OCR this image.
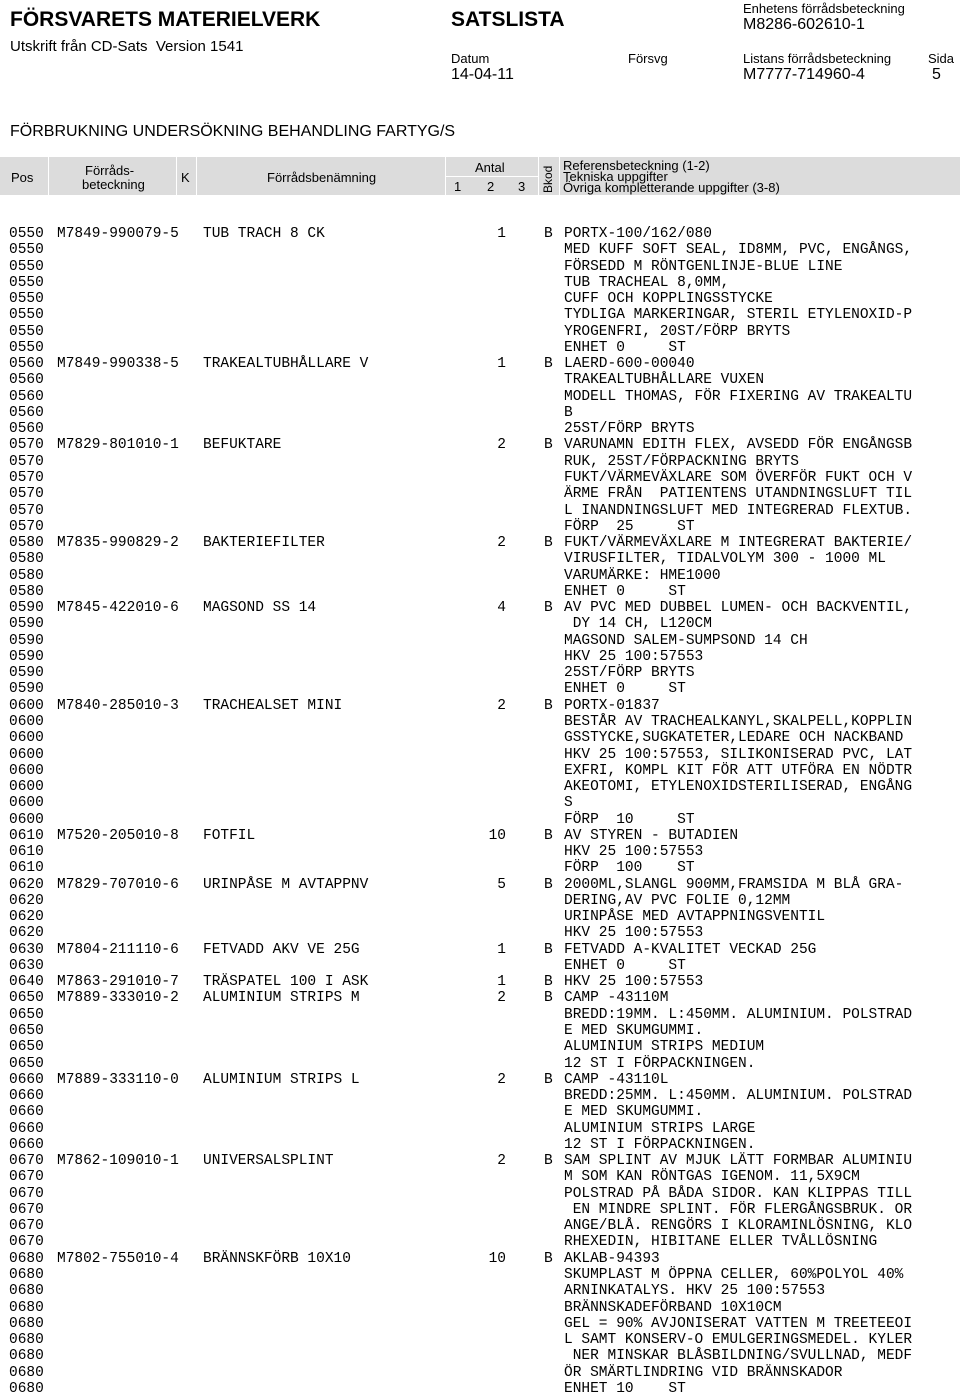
FÖRSVARETS MATERIELVERK
Utskrift från CD-Sats  Version 1541
SATSLISTA	Enhetens förrådsbeteckning
M8286-602610-1
Datum
14-04-11
Försvg	Listans förrådsbeteckning
M7777-714960-4
Sida
5
FÖRBRUKNING UNDERSÖKNING BEHANDLING FARTYG/S
Pos	Förråds-
beteckning	K	Förrådsbenämning
Antal
1 2 3 Bkod
Referensbeteckning (1-2)
Tekniska uppgifter
Övriga kompletterande uppgifter (3-8)
0550 M7849-990079-5 TUB TRACH 8 CK	1	B PORTX-100/162/080
0550	MED KUFF SOFT SEAL, ID8MM, PVC, ENGÅNGS,
0550	FÖRSEDD M RÖNTGENLINJE-BLUE LINE
0550	TUB TRACHEAL 8,0MM,
0550	CUFF OCH KOPPLINGSSTYCKE
0550	TYDLIGA MARKERINGAR, STERIL ETYLENOXID-P
0550	YROGENFRI, 20ST/FÖRP BRYTS
0550	ENHET 0     ST
0560 M7849-990338-5 TRAKEALTUBHÅLLARE V	1	B LAERD-600-00040
0560	TRAKEALTUBHÅLLARE VUXEN
0560	MODELL THOMAS, FÖR FIXERING AV TRAKEALTU
0560	B
0560	25ST/FÖRP BRYTS
0570 M7829-801010-1 BEFUKTARE	2	B VARUNAMN EDITH FLEX, AVSEDD FÖR ENGÅNGSB
0570	RUK, 25ST/FÖRPACKNING BRYTS
0570	FUKT/VÄRMEVÄXLARE SOM ÖVERFÖR FUKT OCH V
0570	ÄRME FRÅN  PATIENTENS UTANDNINGSLUFT TIL
0570	L INANDNINGSLUFT MED INTEGRERAD FLEXTUB.
0570	FÖRP  25     ST
0580 M7835-990829-2 BAKTERIEFILTER	2	B FUKT/VÄRMEVÄXLARE M INTEGRERAT BAKTERIE/
0580	VIRUSFILTER, TIDALVOLYM 300 - 1000 ML
0580	VARUMÄRKE: HME1000
0580	ENHET 0     ST
0590 M7845-422010-6 MAGSOND SS 14	4	B AV PVC MED DUBBEL LUMEN- OCH BACKVENTIL,
0590	DY 14 CH, L120CM
0590	MAGSOND SALEM-SUMPSOND 14 CH
0590	HKV 25 100:57553
0590	25ST/FÖRP BRYTS
0590	ENHET 0     ST
0600 M7840-285010-3 TRACHEALSET MINI	2	B PORTX-01837
0600	BESTÅR AV TRACHEALKANYL,SKALPELL,KOPPLIN
0600	GSSTYCKE,SUGKATETER,LEDARE OCH NACKBAND
0600	HKV 25 100:57553, SILIKONISERAD PVC, LAT
0600	EXFRI, KOMPL KIT FÖR ATT UTFÖRA EN NÖDTR
0600	AKEOTOMI, ETYLENOXIDSTERILISERAD, ENGÅNG
0600	S
0600	FÖRP  10     ST
0610 M7520-205010-8 FOTFIL	10	B AV STYREN - BUTADIEN
0610	HKV 25 100:57553
0610	FÖRP  100    ST
0620 M7829-707010-6 URINPÅSE M AVTAPPNV	5	B 2000ML,SLANGL 900MM,FRAMSIDA M BLÅ GRA-
0620	DERING,AV PVC FOLIE 0,12MM
0620	URINPÅSE MED AVTAPPNINGSVENTIL
0620	HKV 25 100:57553
0630 M7804-211110-6 FETVADD AKV VE 25G	1	B FETVADD A-KVALITET VECKAD 25G
0630	ENHET 0     ST
0640 M7863-291010-7 TRÄSPATEL 100 I ASK	1	B HKV 25 100:57553
0650 M7889-333010-2 ALUMINIUM STRIPS M	2	B CAMP -43110M
0650	BREDD:19MM. L:450MM. ALUMINIUM. POLSTRAD
0650	E MED SKUMGUMMI.
0650	ALUMINIUM STRIPS MEDIUM
0650	12 ST I FÖRPACKNINGEN.
0660 M7889-333110-0 ALUMINIUM STRIPS L	2	B CAMP -43110L
0660	BREDD:25MM. L:450MM. ALUMINIUM. POLSTRAD
0660	E MED SKUMGUMMI.
0660	ALUMINIUM STRIPS LARGE
0660	12 ST I FÖRPACKNINGEN.
0670 M7862-109010-1 UNIVERSALSPLINT	2	B SAM SPLINT AV MJUK LÄTT FORMBAR ALUMINIU
0670	M SOM KAN RÖNTGAS IGENOM. 11,5X9CM
0670	POLSTRAD PÅ BÅDA SIDOR. KAN KLIPPAS TILL
0670	EN MINDRE SPLINT. FÖR FLERGÅNGSBRUK. OR
0670	ANGE/BLÅ. RENGÖRS I KLORAMINLÖSNING, KLO
0670	RHEXEDIN, HIBITANE ELLER TVÅLLÖSNING
0680 M7802-755010-4 BRÄNNSKFÖRB 10X10	10	B AKLAB-94393
0680	SKUMPLAST M ÖPPNA CELLER, 60%POLYOL 40%
0680	ARNINKATALYS. HKV 25 100:57553
0680	BRÄNNSKADEFÖRBAND 10X10CM
0680	GEL = 90% AVJONISERAT VATTEN M TREETEEOI
0680	L SAMT KONSERV-O EMULGERINGSMEDEL. KYLER
0680	NER MINSKAR BLÅSBILDNING/SVULLNAD, MEDF
0680	ÖR SMÄRTLINDRING VID BRÄNNSKADOR
0680	ENHET 10    ST
